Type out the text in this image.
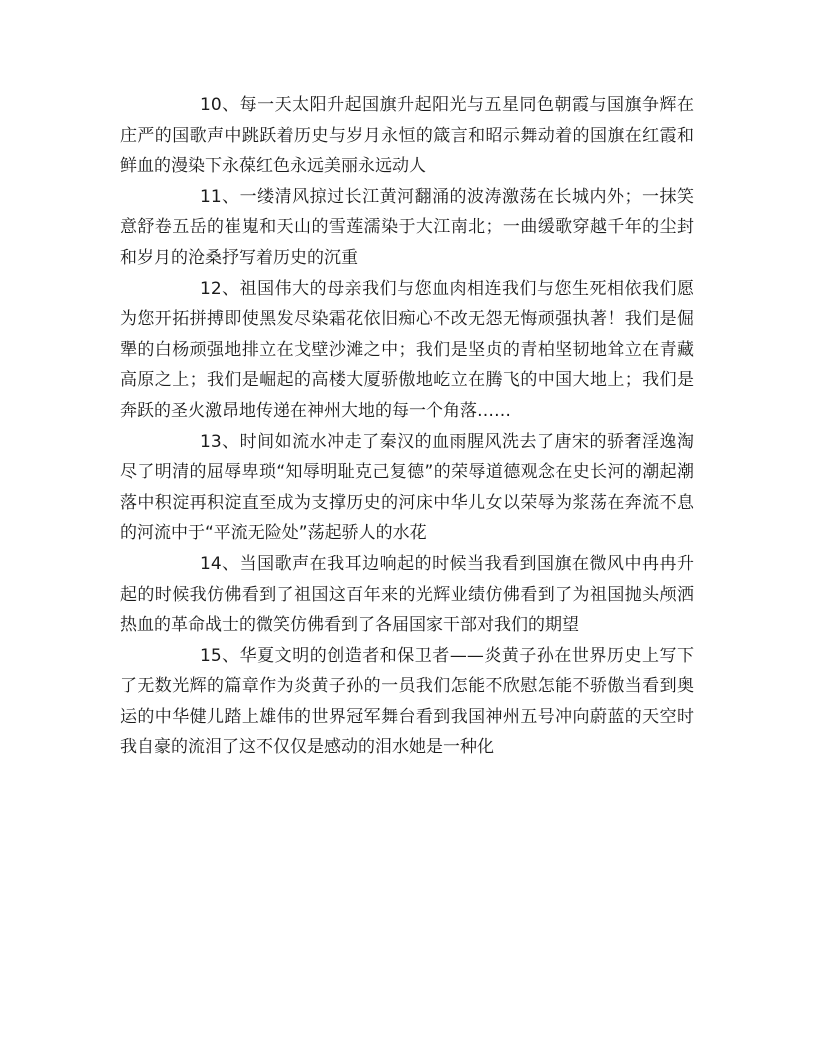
10、每一天太阳升起国旗升起阳光与五星同色朝霞与国旗争辉在庄严的国歌声中跳跃着历史与岁月永恒的箴言和昭示舞动着的国旗在红霞和鲜血的漫染下永葆红色永远美丽永远动人

11、一缕清风掠过长江黄河翻涌的波涛激荡在长城内外；一抹笑意舒卷五岳的崔嵬和天山的雪莲濡染于大江南北；一曲缓歌穿越千年的尘封和岁月的沧桑抒写着历史的沉重

12、祖国伟大的母亲我们与您血肉相连我们与您生死相依我们愿为您开拓拼搏即使黑发尽染霜花依旧痴心不改无怨无悔顽强执著！我们是倔犟的白杨顽强地排立在戈壁沙滩之中；我们是坚贞的青柏坚韧地耸立在青藏高原之上；我们是崛起的高楼大厦骄傲地屹立在腾飞的中国大地上；我们是奔跃的圣火激昂地传递在神州大地的每一个角落……

13、时间如流水冲走了秦汉的血雨腥风洗去了唐宋的骄奢淫逸淘尽了明清的屈辱卑琐“知辱明耻克己复德”的荣辱道德观念在史长河的潮起潮落中积淀再积淀直至成为支撑历史的河床中华儿女以荣辱为浆荡在奔流不息的河流中于“平流无险处”荡起骄人的水花

14、当国歌声在我耳边响起的时候当我看到国旗在微风中冉冉升起的时候我仿佛看到了祖国这百年来的光辉业绩仿佛看到了为祖国抛头颅洒热血的革命战士的微笑仿佛看到了各届国家干部对我们的期望

15、华夏文明的创造者和保卫者——炎黄子孙在世界历史上写下了无数光辉的篇章作为炎黄子孙的一员我们怎能不欣慰怎能不骄傲当看到奥运的中华健儿踏上雄伟的世界冠军舞台看到我国神州五号冲向蔚蓝的天空时我自豪的流泪了这不仅仅是感动的泪水她是一种化
